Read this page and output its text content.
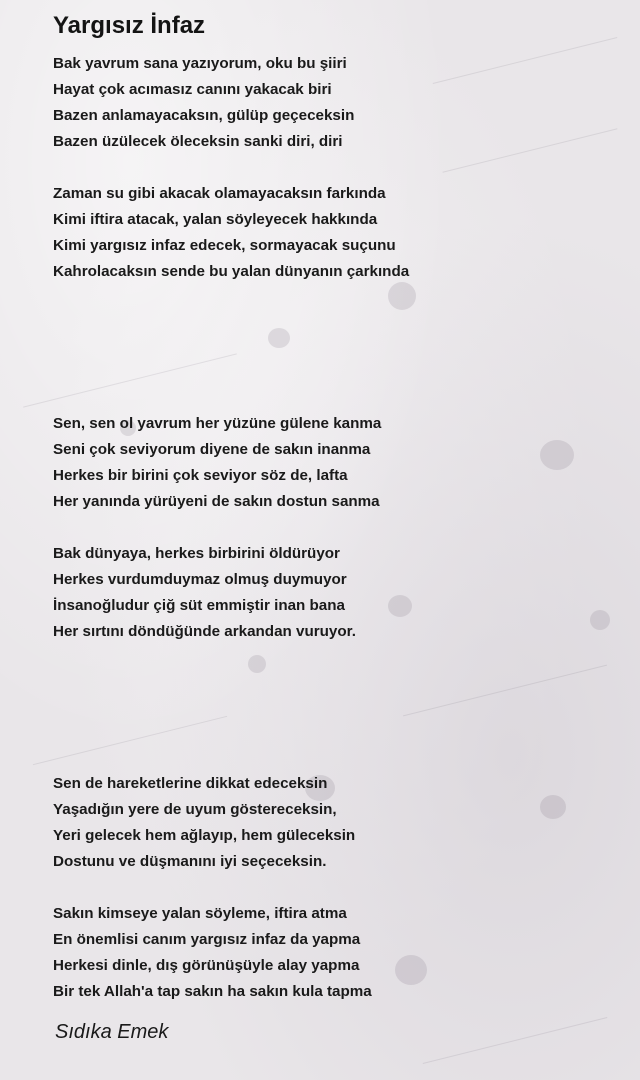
Yargısız İnfaz
Bak yavrum sana yazıyorum, oku bu şiiri
Hayat çok acımasız canını yakacak biri
Bazen anlamayacaksın, gülüp geçeceksin
Bazen üzülecek öleceksin sanki diri, diri
Zaman su gibi akacak olamayacaksın farkında
Kimi iftira atacak, yalan söyleyecek hakkında
Kimi yargısız infaz edecek, sormayacak suçunu
Kahrolacaksın sende bu yalan dünyanın çarkında
Sen, sen ol yavrum her yüzüne gülene kanma
Seni çok seviyorum diyene de sakın inanma
Herkes bir birini çok seviyor söz de, lafta
Her yanında yürüyeni de sakın dostun sanma
Bak dünyaya, herkes birbirini öldürüyor
Herkes vurdumduymaz olmuş duymuyor
İnsanoğludur çiğ süt emmiştir inan bana
Her sırtını döndüğünde arkandan vuruyor.
Sen de hareketlerine dikkat edeceksin
Yaşadığın yere de uyum göstereceksin,
Yeri gelecek hem ağlayıp, hem güleceksin
Dostunu ve düşmanını iyi seçeceksin.
Sakın kimseye yalan söyleme, iftira atma
En önemlisi canım yargısız infaz da yapma
Herkesi dinle, dış görünüşüyle alay yapma
Bir tek Allah'a tap sakın ha sakın kula tapma
Sıdıka Emek
